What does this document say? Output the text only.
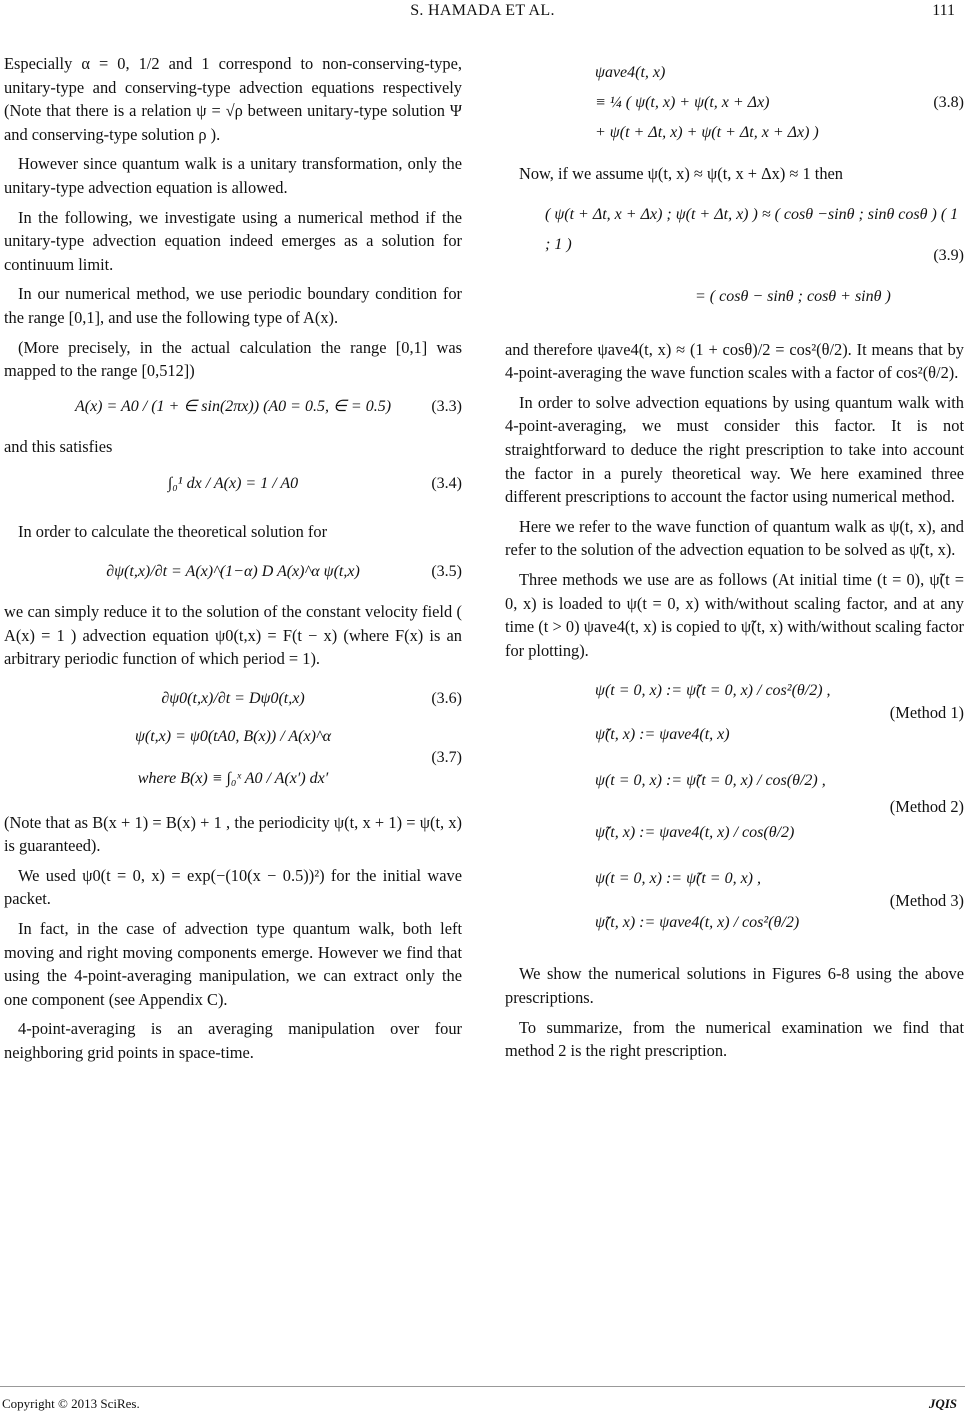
S. HAMADA ET AL.	111

Especially α = 0, 1/2 and 1 correspond to non-conserving-type, unitary-type and conserving-type advection equations respectively (Note that there is a relation ψ = √ρ between unitary-type solution Ψ and conserving-type solution ρ ).

However since quantum walk is a unitary transformation, only the unitary-type advection equation is allowed.

In the following, we investigate using a numerical method if the unitary-type advection equation indeed emerges as a solution for continuum limit.

In our numerical method, we use periodic boundary condition for the range [0,1], and use the following type of A(x).

(More precisely, in the actual calculation the range [0,1] was mapped to the range [0,512])

A(x) = A0 / (1 + ∈ sin(2πx)) (A0 = 0.5, ∈ = 0.5)	(3.3)

and this satisfies

∫₀¹ dx / A(x) = 1 / A0	(3.4)

In order to calculate the theoretical solution for

∂ψ(t,x)/∂t = A(x)^(1−α) D A(x)^α ψ(t,x)	(3.5)

we can simply reduce it to the solution of the constant velocity field ( A(x) = 1 ) advection equation ψ0(t,x) = F(t − x) (where F(x) is an arbitrary periodic function of which period = 1).

∂ψ0(t,x)/∂t = Dψ0(t,x)	(3.6)
ψ(t,x) = ψ0(tA0, B(x)) / A(x)^α
where B(x) ≡ ∫₀ˣ A0 / A(x′) dx′
(3.7)

(Note that as B(x + 1) = B(x) + 1 , the periodicity ψ(t, x + 1) = ψ(t, x) is guaranteed).

We used ψ0(t = 0, x) = exp(−(10(x − 0.5))²) for the initial wave packet.

In fact, in the case of advection type quantum walk, both left moving and right moving components emerge. However we find that using the 4-point-averaging manipulation, we can extract only the one component (see Appendix C).

4-point-averaging is an averaging manipulation over four neighboring grid points in space-time.

ψave4(t, x)
≡ ¼ ( ψ(t, x) + ψ(t, x + Δx)
+ ψ(t + Δt, x) + ψ(t + Δt, x + Δx) )
(3.8)

Now, if we assume ψ(t, x) ≈ ψ(t, x + Δx) ≈ 1 then

( ψ(t + Δt, x + Δx) ; ψ(t + Δt, x) ) ≈ ( cosθ −sinθ ; sinθ cosθ ) ( 1 ; 1 )
= ( cosθ − sinθ ; cosθ + sinθ )
(3.9)

and therefore ψave4(t, x) ≈ (1 + cosθ)/2 = cos²(θ/2). It means that by 4-point-averaging the wave function scales with a factor of cos²(θ/2).

In order to solve advection equations by using quantum walk with 4-point-averaging, we must consider this factor. It is not straightforward to deduce the right prescription to take into account the factor in a purely theoretical way. We here examined three different prescriptions to account the factor using numerical method.

Here we refer to the wave function of quantum walk as ψ(t, x), and refer to the solution of the advection equation to be solved as ψ̃(t, x).

Three methods we use are as follows (At initial time (t = 0), ψ̃(t = 0, x) is loaded to ψ(t = 0, x) with/without scaling factor, and at any time (t > 0) ψave4(t, x) is copied to ψ̃(t, x) with/without scaling factor for plotting).

ψ(t = 0, x) := ψ̃(t = 0, x) / cos²(θ/2) ,
ψ̃(t, x) := ψave4(t, x)
(Method 1)
ψ(t = 0, x) := ψ̃(t = 0, x) / cos(θ/2) ,
ψ̃(t, x) := ψave4(t, x) / cos(θ/2)
(Method 2)
ψ(t = 0, x) := ψ̃(t = 0, x) ,
ψ̃(t, x) := ψave4(t, x) / cos²(θ/2)
(Method 3)

We show the numerical solutions in Figures 6-8 using the above prescriptions.

To summarize, from the numerical examination we find that method 2 is the right prescription.

Copyright © 2013 SciRes.	JQIS
